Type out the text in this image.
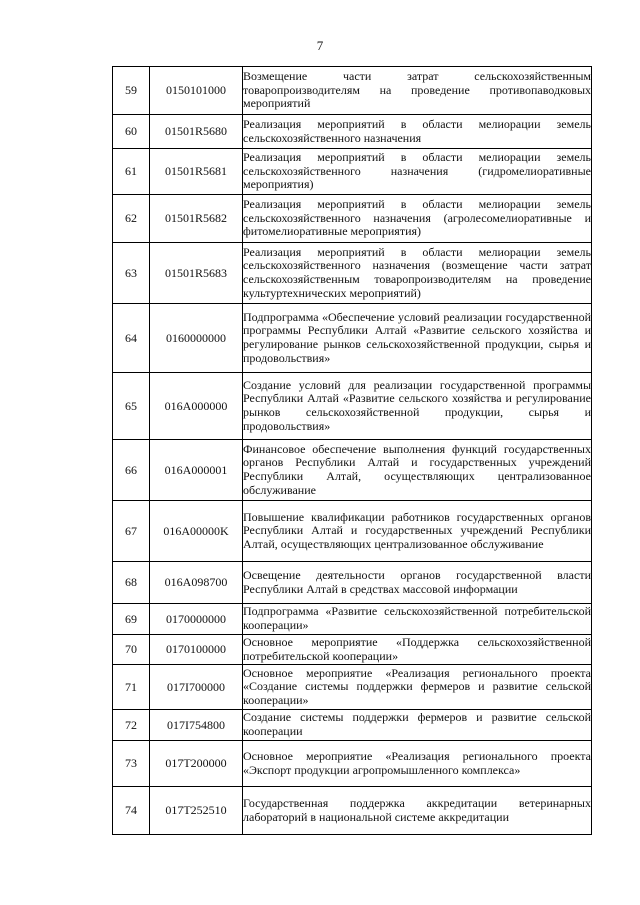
7
59	0150101000	Возмещение части затрат сельскохозяйственным товаропроизводителям на проведение противопаводковых мероприятий

60	01501R5680	Реализация мероприятий в области мелиорации земель сельскохозяйственного назначения

61	01501R5681	Реализация мероприятий в области мелиорации земель сельскохозяйственного назначения (гидромелиоративные мероприятия)

62	01501R5682	Реализация мероприятий в области мелиорации земель сельскохозяйственного назначения (агролесомелиоративные и фитомелиоративные мероприятия)

63	01501R5683	Реализация мероприятий в области мелиорации земель сельскохозяйственного назначения (возмещение части затрат сельскохозяйственным товаропроизводителям на проведение культуртехнических мероприятий)

64	0160000000	Подпрограмма «Обеспечение условий реализации государственной программы Республики Алтай «Развитие сельского хозяйства и регулирование рынков сельскохозяйственной продукции, сырья и продовольствия»

65	016A000000	Создание условий для реализации государственной программы Республики Алтай «Развитие сельского хозяйства и регулирование рынков сельскохозяйственной продукции, сырья и продовольствия»

66	016A000001	Финансовое обеспечение выполнения функций государственных органов Республики Алтай и государственных учреждений Республики Алтай, осуществляющих централизованное обслуживание

67	016A00000K	Повышение квалификации работников государственных органов Республики Алтай и государственных учреждений Республики Алтай, осуществляющих централизованное обслуживание

68	016A098700	Освещение деятельности органов государственной власти Республики Алтай в средствах массовой информации

69	0170000000	Подпрограмма «Развитие сельскохозяйственной потребительской кооперации»

70	0170100000	Основное мероприятие «Поддержка сельскохозяйственной потребительской кооперации»

71	017I700000	Основное мероприятие «Реализация регионального проекта «Создание системы поддержки фермеров и развитие сельской кооперации»

72	017I754800	Создание системы поддержки фермеров и развитие сельской кооперации

73	017T200000	Основное мероприятие «Реализация регионального проекта «Экспорт продукции агропромышленного комплекса»

74	017T252510	Государственная поддержка аккредитации ветеринарных лабораторий в национальной системе аккредитации
